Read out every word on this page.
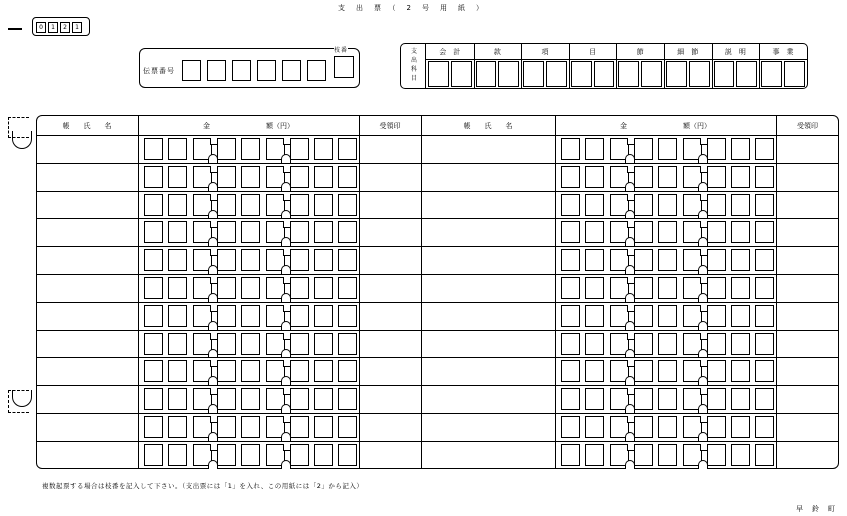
支　出　票　（　2　号　用　紙　）
伝票番号
枝番
複数起票する場合は枝番を記入して下さい。（支出票には「1」を入れ、この用紙には「2」から記入）
早　鈴　町
0	1	2	1
支
出
科
目
会　計	款	項	目	節	細　節	説　明	事　業
帳　　氏　　名	金　　　　　　　　額（円）	受領印	帳　　氏　　名	金　　　　　　　　額（円）	受領印
